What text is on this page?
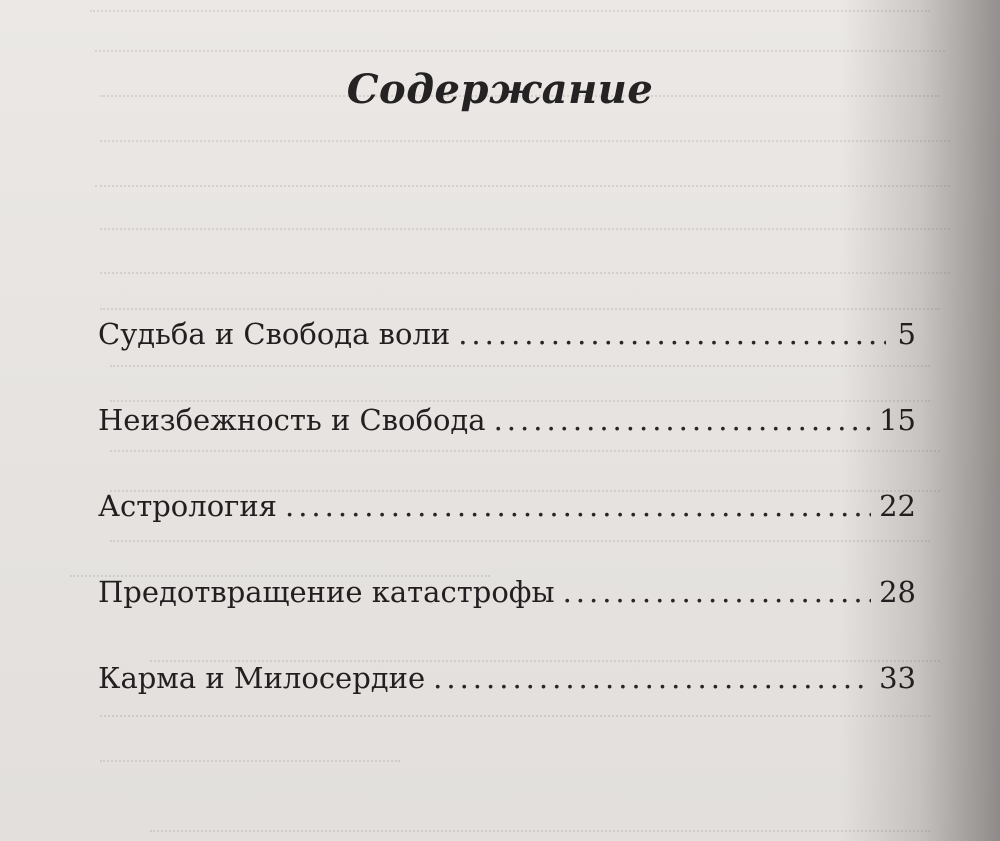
Содержание
Судьба и Свобода воли .....	5
Неизбежность и Свобода .....	15
Астрология .....	22
Предотвращение катастрофы .....	28
Карма и Милосердие .....	33
